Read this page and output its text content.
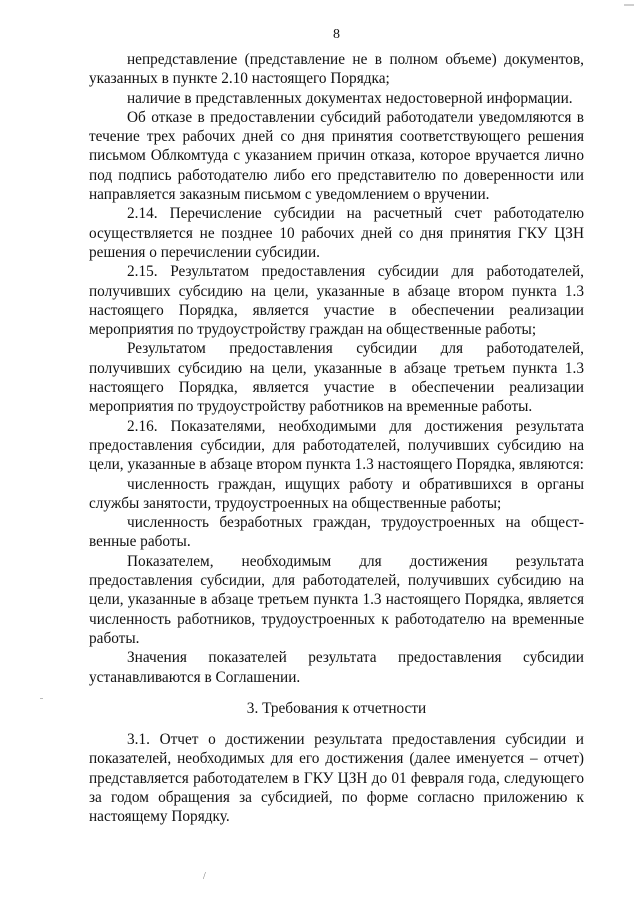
8

непредставление (представление не в полном объеме) документов, указанных в пункте 2.10 настоящего Порядка;

наличие в представленных документах недостоверной информации.

Об отказе в предоставлении субсидий работодатели уведомляются в течение трех рабочих дней со дня принятия соответствующего решения письмом Облкомтуда с указанием причин отказа, которое вручается лично под подпись работодателю либо его представителю по доверенности или направляется заказным письмом с уведомлением о вручении.

2.14. Перечисление субсидии на расчетный счет работодателю осуществляется не позднее 10 рабочих дней со дня принятия ГКУ ЦЗН решения о перечислении субсидии.

2.15. Результатом предоставления субсидии для работодателей, получивших субсидию на цели, указанные в абзаце втором пункта 1.3 настоящего Порядка, является участие в обеспечении реализации мероприятия по трудоустройству граждан на общественные работы;

Результатом предоставления субсидии для работодателей, получивших субсидию на цели, указанные в абзаце третьем пункта 1.3 настоящего Порядка, является участие в обеспечении реализации мероприятия по трудоустройству работников на временные работы.

2.16. Показателями, необходимыми для достижения результата предоставления субсидии, для работодателей, получивших субсидию на цели, указанные в абзаце втором пункта 1.3 настоящего Порядка, являются:

численность граждан, ищущих работу и обратившихся в органы службы занятости, трудоустроенных на общественные работы;

численность безработных граждан, трудоустроенных на общественные работы.

Показателем, необходимым для достижения результата предоставления субсидии, для работодателей, получивших субсидию на цели, указанные в абзаце третьем пункта 1.3 настоящего Порядка, является численность работников, трудоустроенных к работодателю на временные работы.

Значения показателей результата предоставления субсидии устанавливаются в Соглашении.

3. Требования к отчетности

3.1. Отчет о достижении результата предоставления субсидии и показателей, необходимых для его достижения (далее именуется – отчет) представляется работодателем в ГКУ ЦЗН до 01 февраля года, следующего за годом обращения за субсидией, по форме согласно приложению к настоящему Порядку.

/
